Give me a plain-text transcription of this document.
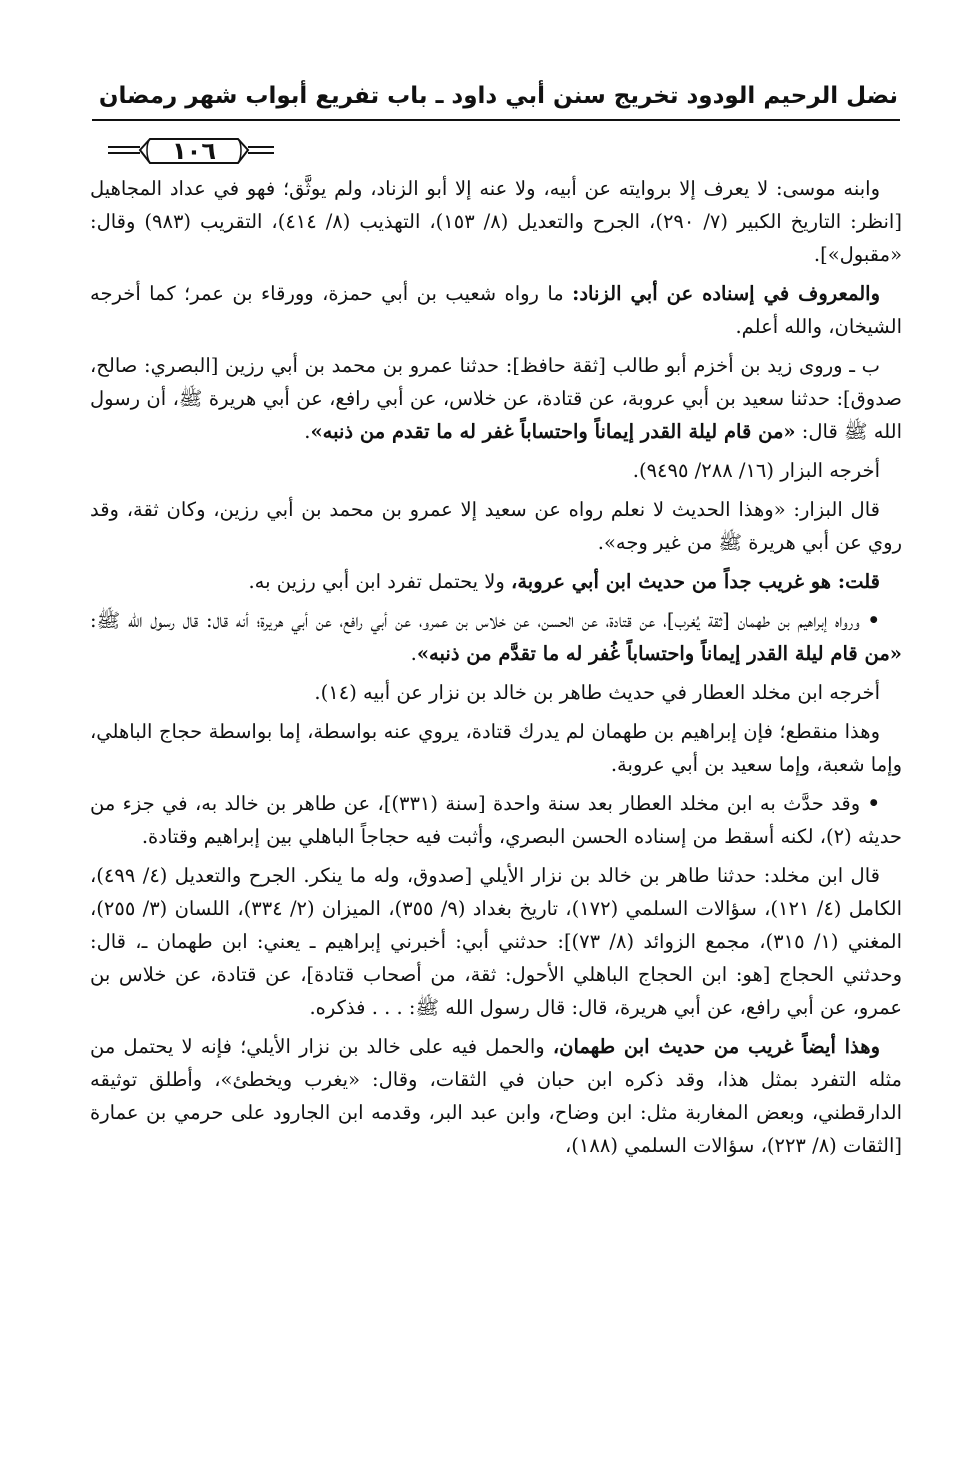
نضل الرحيم الودود تخريج سنن أبي داود ـ باب تفريع أبواب شهر رمضان
١٠٦

وابنه موسى: لا يعرف إلا بروايته عن أبيه، ولا عنه إلا أبو الزناد، ولم يوثَّق؛ فهو في عداد المجاهيل [انظر: التاريخ الكبير (٧/ ٢٩٠)، الجرح والتعديل (٨/ ١٥٣)، التهذيب (٨/ ٤١٤)، التقريب (٩٨٣) وقال: «مقبول»].

والمعروف في إسناده عن أبي الزناد: ما رواه شعيب بن أبي حمزة، وورقاء بن عمر؛ كما أخرجه الشيخان، والله أعلم.

ب ـ وروى زيد بن أخزم أبو طالب [ثقة حافظ]: حدثنا عمرو بن محمد بن أبي رزين [البصري: صالح، صدوق]: حدثنا سعيد بن أبي عروبة، عن قتادة، عن خلاس، عن أبي رافع، عن أبي هريرة ﷺ، أن رسول الله ﷺ قال: «من قام ليلة القدر إيماناً واحتساباً غفر له ما تقدم من ذنبه».

أخرجه البزار (١٦/ ٢٨٨/ ٩٤٩٥).

قال البزار: «وهذا الحديث لا نعلم رواه عن سعيد إلا عمرو بن محمد بن أبي رزين، وكان ثقة، وقد روي عن أبي هريرة ﷺ من غير وجه».

قلت: هو غريب جداً من حديث ابن أبي عروبة، ولا يحتمل تفرد ابن أبي رزين به.

• ورواه إبراهيم بن طهمان [ثقة يُغرب]، عن قتادة، عن الحسن، عن خلاس بن عمرو، عن أبي رافع، عن أبي هريرة؛ أنه قال: قال رسول الله ﷺ: «من قام ليلة القدر إيماناً واحتساباً غُفر له ما تقدَّم من ذنبه».

أخرجه ابن مخلد العطار في حديث طاهر بن خالد بن نزار عن أبيه (١٤).

وهذا منقطع؛ فإن إبراهيم بن طهمان لم يدرك قتادة، يروي عنه بواسطة، إما بواسطة حجاج الباهلي، وإما شعبة، وإما سعيد بن أبي عروبة.

• وقد حدَّث به ابن مخلد العطار بعد سنة واحدة [سنة (٣٣١)]، عن طاهر بن خالد به، في جزء من حديثه (٢)، لكنه أسقط من إسناده الحسن البصري، وأثبت فيه حجاجاً الباهلي بين إبراهيم وقتادة.

قال ابن مخلد: حدثنا طاهر بن خالد بن نزار الأيلي [صدوق، وله ما ينكر. الجرح والتعديل (٤/ ٤٩٩)، الكامل (٤/ ١٢١)، سؤالات السلمي (١٧٢)، تاريخ بغداد (٩/ ٣٥٥)، الميزان (٢/ ٣٣٤)، اللسان (٣/ ٢٥٥)، المغني (١/ ٣١٥)، مجمع الزوائد (٨/ ٧٣)]: حدثني أبي: أخبرني إبراهيم ـ يعني: ابن طهمان ـ، قال: وحدثني الحجاج [هو: ابن الحجاج الباهلي الأحول: ثقة، من أصحاب قتادة]، عن قتادة، عن خلاس بن عمرو، عن أبي رافع، عن أبي هريرة، قال: قال رسول الله ﷺ: . . . فذكره.

وهذا أيضاً غريب من حديث ابن طهمان، والحمل فيه على خالد بن نزار الأيلي؛ فإنه لا يحتمل من مثله التفرد بمثل هذا، وقد ذكره ابن حبان في الثقات، وقال: «يغرب ويخطئ»، وأطلق توثيقه الدارقطني، وبعض المغاربة مثل: ابن وضاح، وابن عبد البر، وقدمه ابن الجارود على حرمي بن عمارة [الثقات (٨/ ٢٢٣)، سؤالات السلمي (١٨٨)،
